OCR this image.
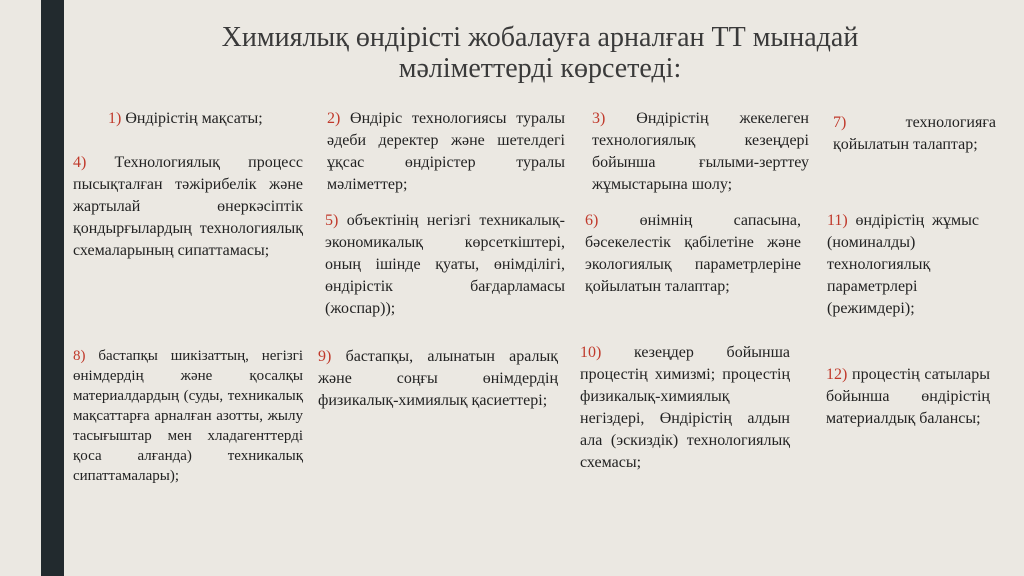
Химиялық өндірісті жобалауға арналған ТТ мынадай
мәліметтерді көрсетеді:
1) Өндірістің мақсаты;
4) Технологиялық процесс пысықталған тәжірибелік және жартылай өнеркәсіптік қондырғылардың технологиялық схемаларының сипаттамасы;
8) бастапқы шикізаттың, негізгі өнімдердің және қосалқы материалдардың (суды, техникалық мақсаттарға арналған азотты, жылу тасығыштар мен хладагенттерді қоса алғанда) техникалық сипаттамалары);
2) Өндіріс технологиясы туралы әдеби деректер және шетелдегі ұқсас өндірістер туралы мәліметтер;
5) объектінің негізгі техникалық-экономикалық көрсеткіштері, оның ішінде қуаты, өнімділігі, өндірістік бағдарламасы (жоспар));
9) бастапқы, алынатын аралық және соңғы өнімдердің физикалық-химиялық қасиеттері;
3) Өндірістің жекелеген технологиялық кезеңдері бойынша ғылыми-зерттеу жұмыстарына шолу;
6) өнімнің сапасына, бәсекелестік қабілетіне және экологиялық параметрлеріне қойылатын талаптар;
10) кезеңдер бойынша процестің химизмі; процестің физикалық-химиялық негіздері, Өндірістің алдын ала (эскиздік) технологиялық схемасы;
7) технологияға қойылатын талаптар;
11) өндірістің жұмыс (номиналды) технологиялық параметрлері (режимдері);
12) процестің сатылары бойынша өндірістің материалдық балансы;
